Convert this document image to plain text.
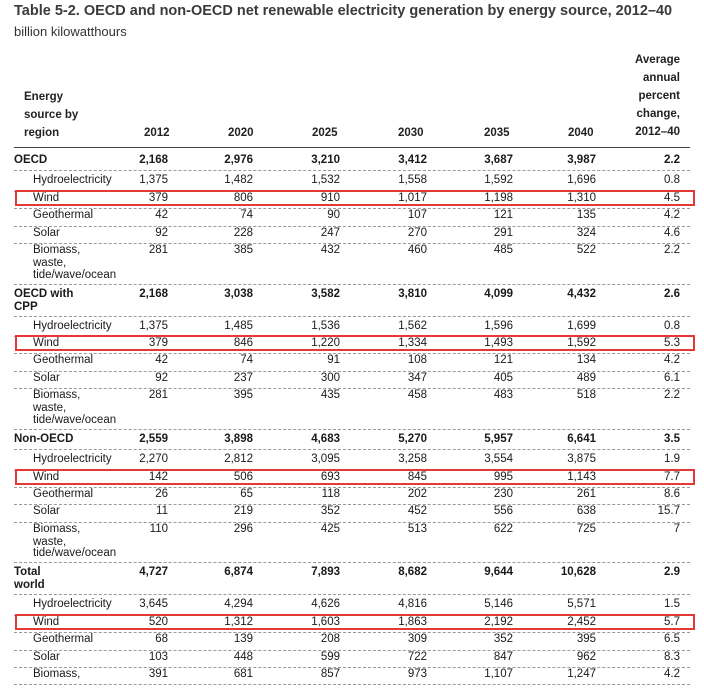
Table 5-2. OECD and non-OECD net renewable electricity generation by energy source, 2012–40
billion kilowatthours
Energy
source by
region	2012	2020	2025	2030	2035	2040
Average
annual
percent
change,
2012–40
OECD	2,168	2,976	3,210	3,412	3,687	3,987	2.2
Hydroelectricity	1,375	1,482	1,532	1,558	1,592	1,696	0.8
Wind	379	806	910	1,017	1,198	1,310	4.5
Geothermal	42	74	90	107	121	135	4.2
Solar	92	228	247	270	291	324	4.6
Biomass,
waste,
tide/wave/ocean
281	385	432	460	485	522	2.2
OECD with
CPP
2,168	3,038	3,582	3,810	4,099	4,432	2.6
Hydroelectricity	1,375	1,485	1,536	1,562	1,596	1,699	0.8
Wind	379	846	1,220	1,334	1,493	1,592	5.3
Geothermal	42	74	91	108	121	134	4.2
Solar	92	237	300	347	405	489	6.1
Biomass,
waste,
tide/wave/ocean
281	395	435	458	483	518	2.2
Non-OECD	2,559	3,898	4,683	5,270	5,957	6,641	3.5
Hydroelectricity	2,270	2,812	3,095	3,258	3,554	3,875	1.9
Wind	142	506	693	845	995	1,143	7.7
Geothermal	26	65	118	202	230	261	8.6
Solar	11	219	352	452	556	638	15.7
Biomass,
waste,
tide/wave/ocean
110	296	425	513	622	725	7
Total
world
4,727	6,874	7,893	8,682	9,644	10,628	2.9
Hydroelectricity	3,645	4,294	4,626	4,816	5,146	5,571	1.5
Wind	520	1,312	1,603	1,863	2,192	2,452	5.7
Geothermal	68	139	208	309	352	395	6.5
Solar	103	448	599	722	847	962	8.3
Biomass,	391	681	857	973	1,107	1,247	4.2
